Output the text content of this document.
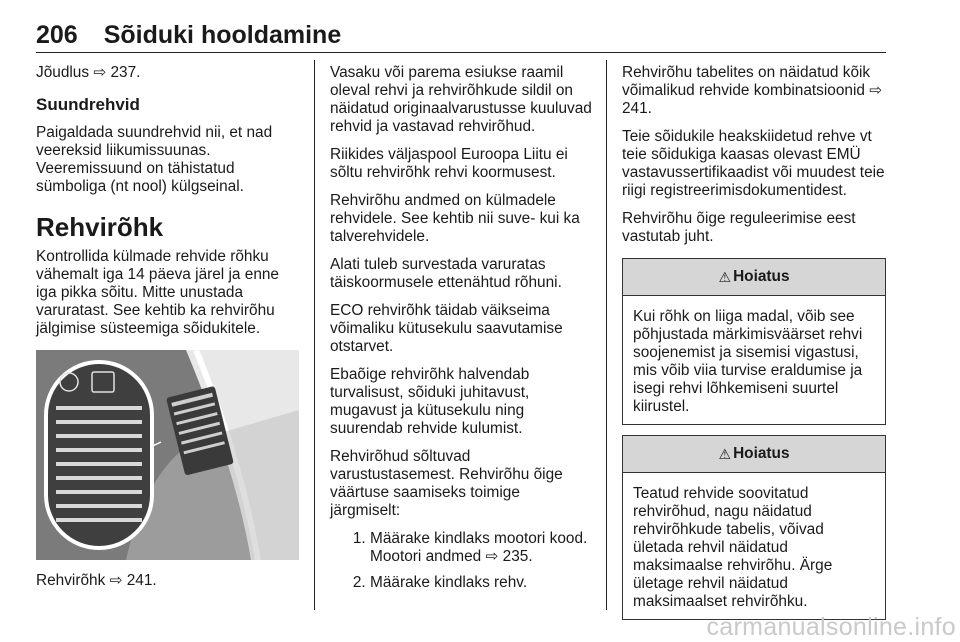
206 Sõiduki hooldamine

Jõudlus ⇨ 237.

Suundrehvid

Paigaldada suundrehvid nii, et nad veereksid liikumissuunas. Veeremissuund on tähistatud sümboliga (nt nool) külgseinal.

Rehvirõhk

Kontrollida külmade rehvide rõhku vähemalt iga 14 päeva järel ja enne iga pikka sõitu. Mitte unustada varuratast. See kehtib ka rehvirõhu jälgimise süsteemiga sõidukitele.

Rehvirõhk ⇨ 241.

Vasaku või parema esiukse raamil oleval rehvi ja rehvirõhkude sildil on näidatud originaalvarustusse kuuluvad rehvid ja vastavad rehvirõhud.

Riikides väljaspool Euroopa Liitu ei sõltu rehvirõhk rehvi koormusest.

Rehvirõhu andmed on külmadele rehvidele. See kehtib nii suve- kui ka talverehvidele.

Alati tuleb survestada varuratas täiskoormusele ettenähtud rõhuni.

ECO rehvirõhk täidab väikseima võimaliku kütusekulu saavutamise otstarvet.

Ebaõige rehvirõhk halvendab turvalisust, sõiduki juhitavust, mugavust ja kütusekulu ning suurendab rehvide kulumist.

Rehvirõhud sõltuvad varustustasemest. Rehvirõhu õige väärtuse saamiseks toimige järgmiselt:

1. Määrake kindlaks mootori kood. Mootori andmed ⇨ 235.
2. Määrake kindlaks rehv.

Rehvirõhu tabelites on näidatud kõik võimalikud rehvide kombinatsioonid ⇨ 241.

Teie sõidukile heakskiidetud rehve vt teie sõidukiga kaasas olevast EMÜ vastavussertifikaadist või muudest teie riigi registreerimisdokumentidest.

Rehvirõhu õige reguleerimise eest vastutab juht.

⚠ Hoiatus
Kui rõhk on liiga madal, võib see põhjustada märkimisväärset rehvi soojenemist ja sisemisi vigastusi, mis võib viia turvise eraldumise ja isegi rehvi lõhkemiseni suurtel kiirustel.
⚠ Hoiatus
Teatud rehvide soovitatud rehvirõhud, nagu näidatud rehvirõhkude tabelis, võivad ületada rehvil näidatud maksimaalse rehvirõhu. Ärge ületage rehvil näidatud maksimaalset rehvirõhku.
carmanualsonline.info
